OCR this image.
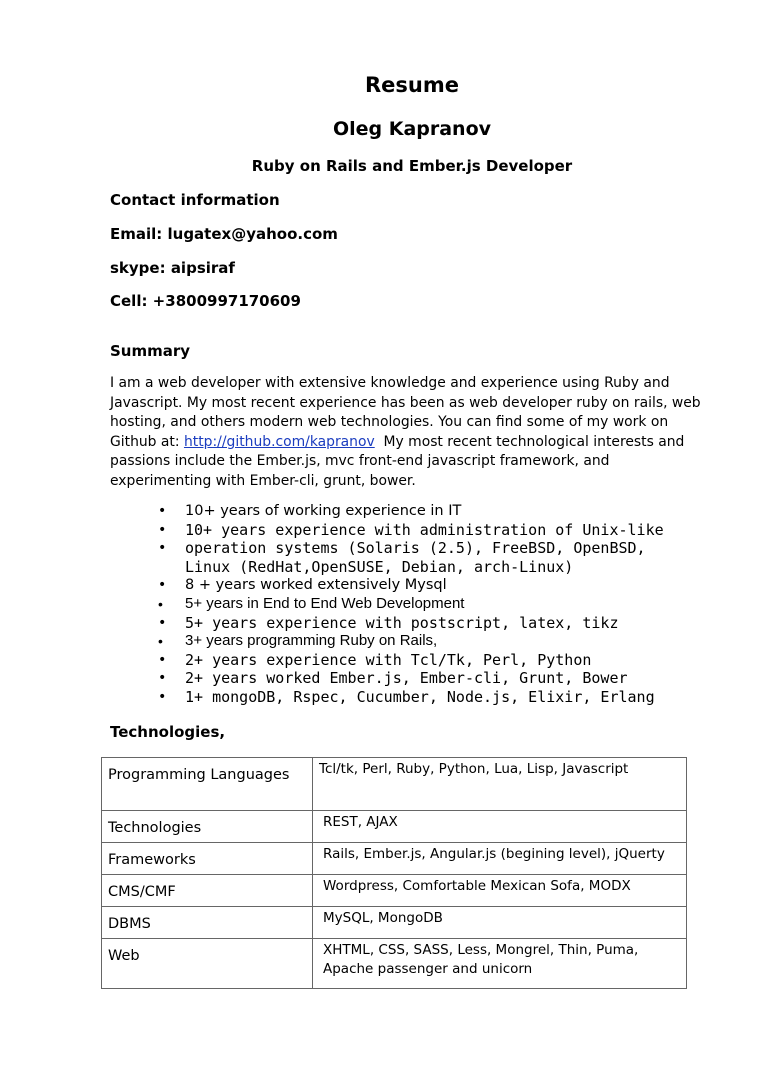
Resume
Oleg Kapranov
Ruby on Rails and Ember.js Developer
Contact information
Email: lugatex@yahoo.com
skype: aipsiraf
Cell: +3800997170609
Summary
I am a web developer with extensive knowledge and experience using Ruby and Javascript. My most recent experience has been as web developer ruby on rails, web hosting, and others modern web technologies. You can find some of my work on Github at: http://github.com/kapranov  My most recent technological interests and passions include the Ember.js, mvc front-end javascript framework, and experimenting with Ember-cli, grunt, bower.
• 10+ years of working experience in IT
• 10+ years experience with administration of Unix-like
• operation systems (Solaris (2.5), FreeBSD, OpenBSD, Linux (RedHat,OpenSUSE, Debian, arch-Linux)
• 8 + years worked extensively Mysql
• 5+ years in End to End Web Development
• 5+ years experience with postscript, latex, tikz
• 3+ years programming Ruby on Rails,
• 2+ years experience with Tcl/Tk, Perl, Python
• 2+ years worked Ember.js, Ember-cli, Grunt, Bower
• 1+ mongoDB, Rspec, Cucumber, Node.js, Elixir, Erlang
Technologies,
Programming Languages	Tcl/tk, Perl, Ruby, Python, Lua, Lisp, Javascript
Technologies	REST, AJAX
Frameworks	Rails, Ember.js, Angular.js (begining level), jQuerty
CMS/CMF	Wordpress, Comfortable Mexican Sofa, MODX
DBMS	MySQL, MongoDB
Web	XHTML, CSS, SASS, Less, Mongrel, Thin, Puma, Apache passenger and unicorn
